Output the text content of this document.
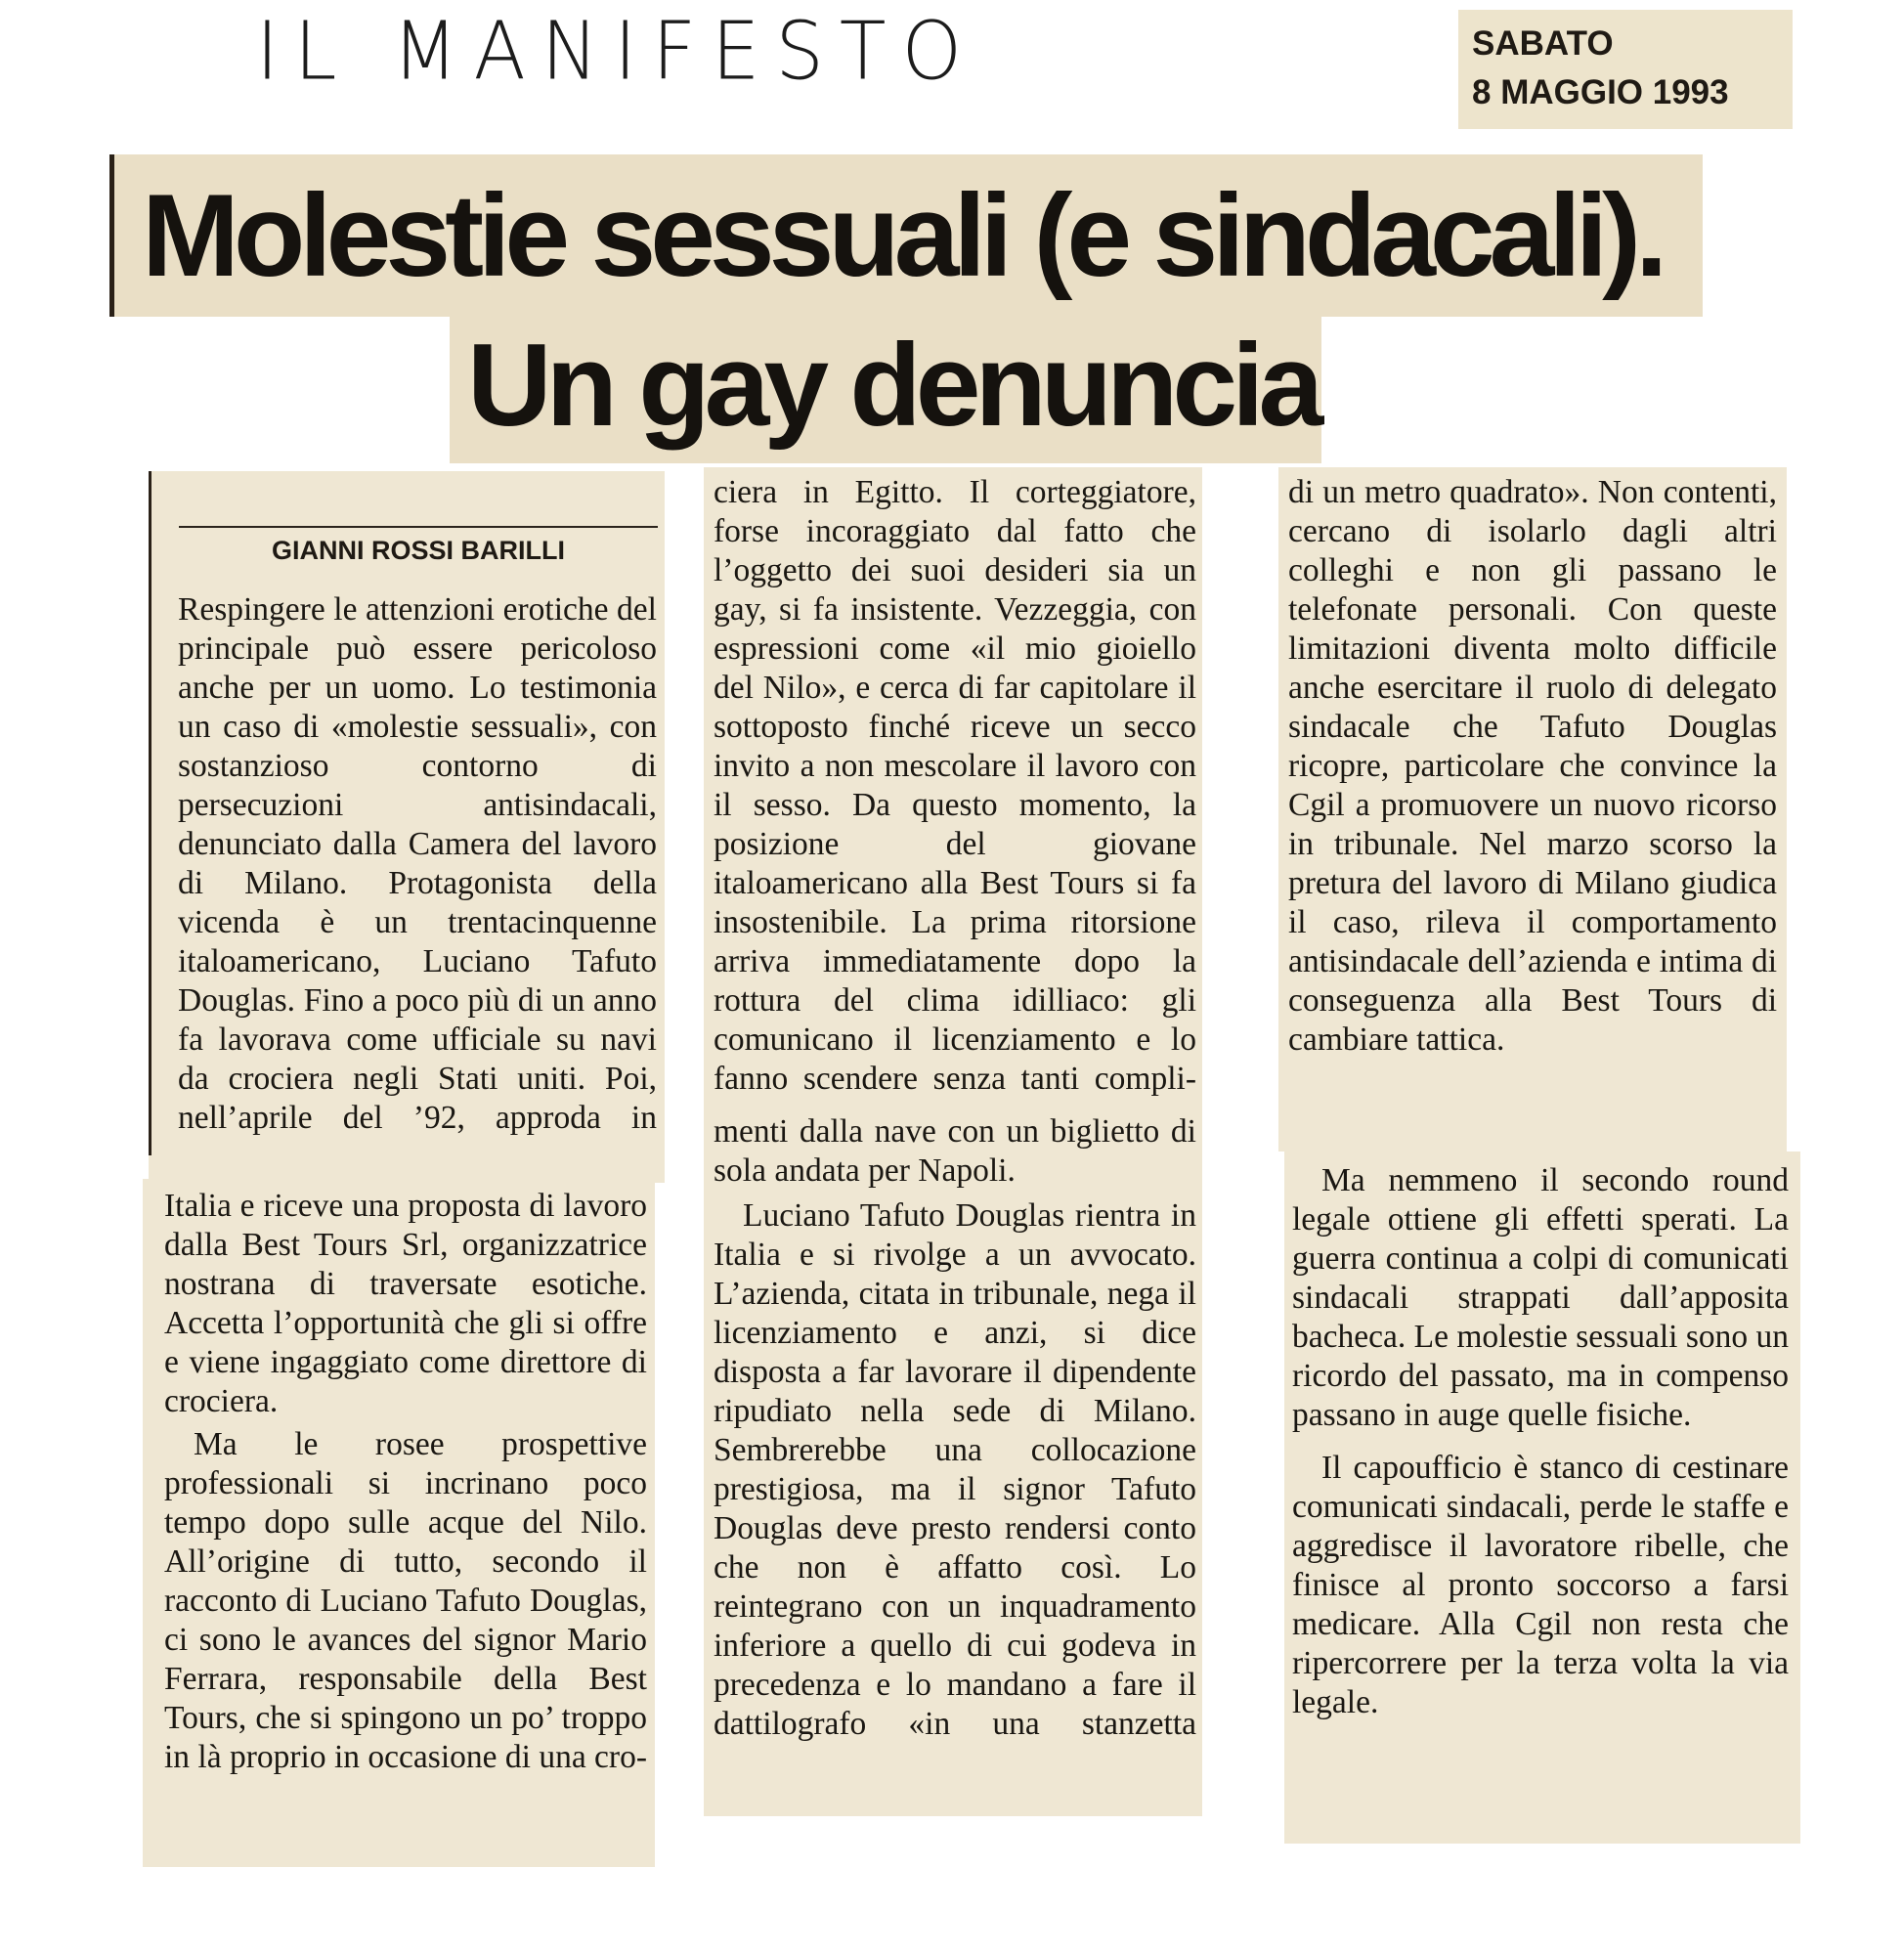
IL MANIFESTO	SABATO
8 MAGGIO 1993
Molestie sessuali (e sindacali).
Un gay denuncia
GIANNI ROSSI BARILLI

Respingere le attenzioni erotiche del principale può essere pericoloso anche per un uomo. Lo testimonia un caso di «molestie sessuali», con sostanzioso contorno di persecuzioni antisindacali, denunciato dalla Camera del lavoro di Milano. Protagonista della vicenda è un trentacinquenne italoamericano, Luciano Tafuto Douglas. Fino a poco più di un anno fa lavorava come ufficiale su navi da crociera negli Stati uniti. Poi, nell’aprile del ’92, approda in

Italia e riceve una proposta di lavoro dalla Best Tours Srl, organizzatrice nostrana di traversate esotiche. Accetta l’opportunità che gli si offre e viene ingaggiato come direttore di crociera.

Ma le rosee prospettive professionali si incrinano poco tempo dopo sulle acque del Nilo. All’origine di tutto, secondo il racconto di Luciano Tafuto Douglas, ci sono le avances del signor Mario Ferrara, responsabile della Best Tours, che si spingono un po’ troppo in là proprio in occasione di una cro-

ciera in Egitto. Il corteggiatore, forse incoraggiato dal fatto che l’oggetto dei suoi desideri sia un gay, si fa insistente. Vezzeggia, con espressioni come «il mio gioiello del Nilo», e cerca di far capitolare il sottoposto finché riceve un secco invito a non mescolare il lavoro con il sesso. Da questo momento, la posizione del giovane italoamericano alla Best Tours si fa insostenibile. La prima ritorsione arriva immediatamente dopo la rottura del clima idilliaco: gli comunicano il licenziamento e lo fanno scendere senza tanti compli-

menti dalla nave con un biglietto di sola andata per Napoli.

Luciano Tafuto Douglas rientra in Italia e si rivolge a un avvocato. L’azienda, citata in tribunale, nega il licenziamento e anzi, si dice disposta a far lavorare il dipendente ripudiato nella sede di Milano. Sembrerebbe una collocazione prestigiosa, ma il signor Tafuto Douglas deve presto rendersi conto che non è affatto così. Lo reintegrano con un inquadramento inferiore a quello di cui godeva in precedenza e lo mandano a fare il dattilografo «in una stanzetta

di un metro quadrato». Non contenti, cercano di isolarlo dagli altri colleghi e non gli passano le telefonate personali. Con queste limitazioni diventa molto difficile anche esercitare il ruolo di delegato sindacale che Tafuto Douglas ricopre, particolare che convince la Cgil a promuovere un nuovo ricorso in tribunale. Nel marzo scorso la pretura del lavoro di Milano giudica il caso, rileva il comportamento antisindacale dell’azienda e intima di conseguenza alla Best Tours di cambiare tattica.

Ma nemmeno il secondo round legale ottiene gli effetti sperati. La guerra continua a colpi di comunicati sindacali strappati dall’apposita bacheca. Le molestie sessuali sono un ricordo del passato, ma in compenso passano in auge quelle fisiche.

Il capoufficio è stanco di cestinare comunicati sindacali, perde le staffe e aggredisce il lavoratore ribelle, che finisce al pronto soccorso a farsi medicare. Alla Cgil non resta che ripercorrere per la terza volta la via legale.
